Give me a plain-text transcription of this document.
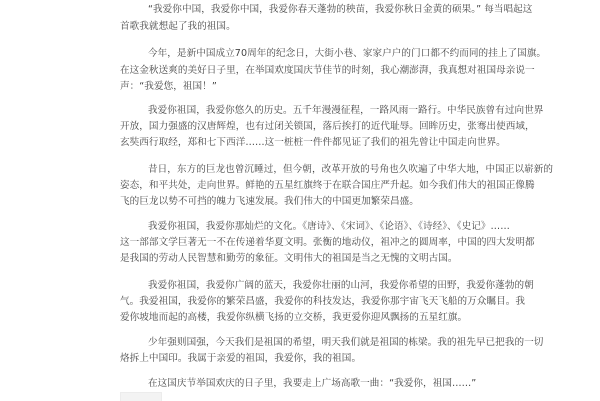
“我爱你中国，我爱你中国，我爱你春天蓬勃的秧苗，我爱你秋日金黄的硕果。” 每当唱起这
首歌我就想起了我的祖国。
今年，是新中国成立70周年的纪念日，大街小巷、家家户户的门口都不约而同的挂上了国旗。
在这金秋送爽的美好日子里，在举国欢度国庆节佳节的时刻，我心潮澎湃，我真想对祖国母亲说一
声：“我爱您，祖国！”
我爱你祖国，我爱你悠久的历史。五千年漫漫征程，一路风雨一路行。中华民族曾有过向世界
开放，国力强盛的汉唐辉煌，也有过闭关锁国，落后挨打的近代耻辱。回眸历史，张骞出使西域，
玄奘西行取经，郑和七下西洋……这一桩桩一件件都见证了我们的祖先曾让中国走向世界。
昔日，东方的巨龙也曾沉睡过，但今朝，改革开放的号角也久吹遍了中华大地，中国正以崭新的
姿态，和平共处，走向世界。鲜艳的五星红旗终于在联合国庄严升起。如今我们伟大的祖国正像腾
飞的巨龙以势不可挡的魄力飞速发展。我们伟大的中国更加繁荣昌盛。
我爱你祖国，我爱你那灿烂的文化。《唐诗》、《宋词》、《论语》、《诗经》、《史记》……
这一部部文学巨著无一不在传递着华夏文明。张衡的地动仪，祖冲之的圆周率，中国的四大发明都
是我国的劳动人民智慧和勤劳的象征。文明伟大的祖国是当之无愧的文明古国。
我爱你祖国，我爱你广阔的蓝天，我爱你壮丽的山河，我爱你希望的田野，我爱你蓬勃的朝
气。我爱祖国，我爱你的繁荣昌盛，我爱你的科技发达，我爱你那宇宙飞天飞船的万众瞩目。我
爱你坡地而起的高楼，我爱你纵横飞扬的立交桥，我更爱你迎风飘扬的五星红旗。
少年强则国强，今天我们是祖国的希望，明天我们就是祖国的栋梁。我的祖先早已把我的一切
烙拆上中国印。我属于亲爱的祖国，我爱你，我的祖国。
在这国庆节举国欢庆的日子里，我要走上广场高歌一曲：“我爱你，祖国……”
